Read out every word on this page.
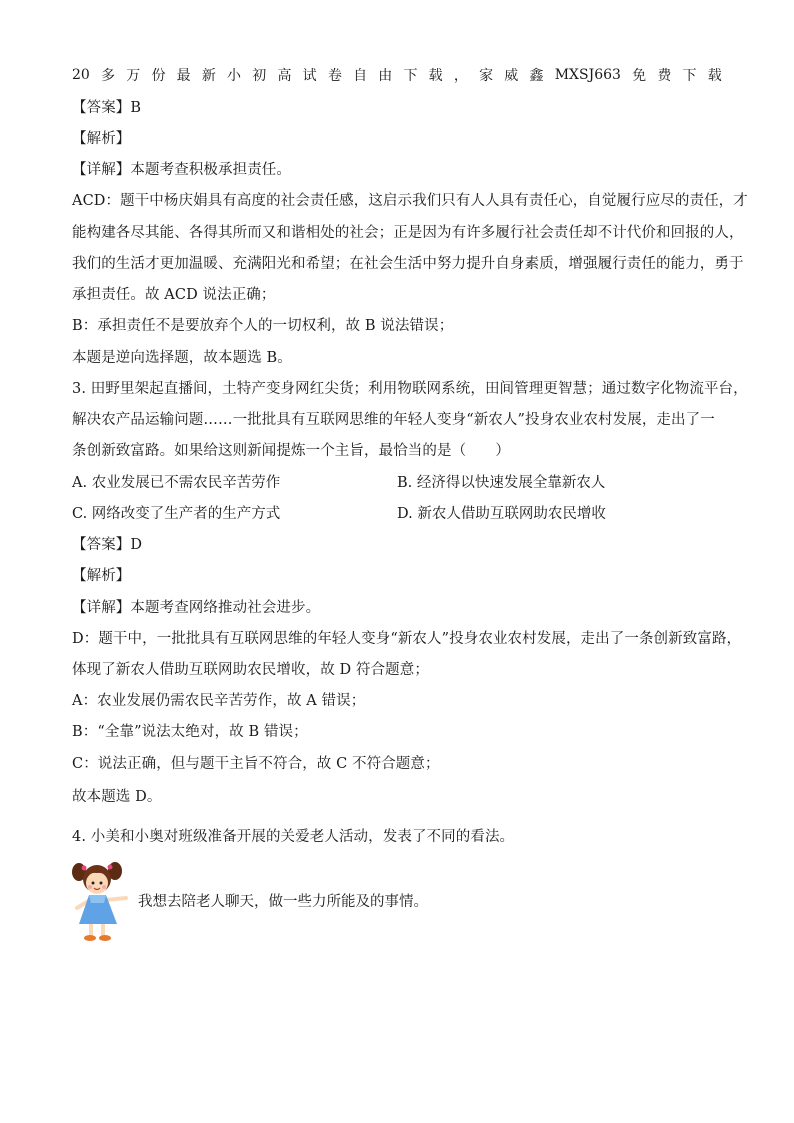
20 多 万 份 最 新 小 初 高 试 卷 自 由 下 载 ， 家 威 鑫 MXSJ663 免 费 下 载
【答案】B
【解析】
【详解】本题考查积极承担责任。
ACD：题干中杨庆娟具有高度的社会责任感，这启示我们只有人人具有责任心，自觉履行应尽的责任，才
能构建各尽其能、各得其所而又和谐相处的社会；正是因为有许多履行社会责任却不计代价和回报的人，
我们的生活才更加温暖、充满阳光和希望；在社会生活中努力提升自身素质，增强履行责任的能力，勇于
承担责任。故 ACD 说法正确；
B：承担责任不是要放弃个人的一切权利，故 B 说法错误；
本题是逆向选择题，故本题选 B。
3. 田野里架起直播间，土特产变身网红尖货；利用物联网系统，田间管理更智慧；通过数字化物流平台，
解决农产品运输问题……一批批具有互联网思维的年轻人变身“新农人”投身农业农村发展，走出了一
条创新致富路。如果给这则新闻提炼一个主旨，最恰当的是（　　）
A. 农业发展已不需农民辛苦劳作	B. 经济得以快速发展全靠新农人
C. 网络改变了生产者的生产方式	D. 新农人借助互联网助农民增收
【答案】D
【解析】
【详解】本题考查网络推动社会进步。
D：题干中，一批批具有互联网思维的年轻人变身“新农人”投身农业农村发展，走出了一条创新致富路，
体现了新农人借助互联网助农民增收，故 D 符合题意；
A：农业发展仍需农民辛苦劳作，故 A 错误；
B：“全靠”说法太绝对，故 B 错误；
C：说法正确，但与题干主旨不符合，故 C 不符合题意；
故本题选 D。
4. 小美和小奥对班级准备开展的关爱老人活动，发表了不同的看法。
我想去陪老人聊天，做一些力所能及的事情。
